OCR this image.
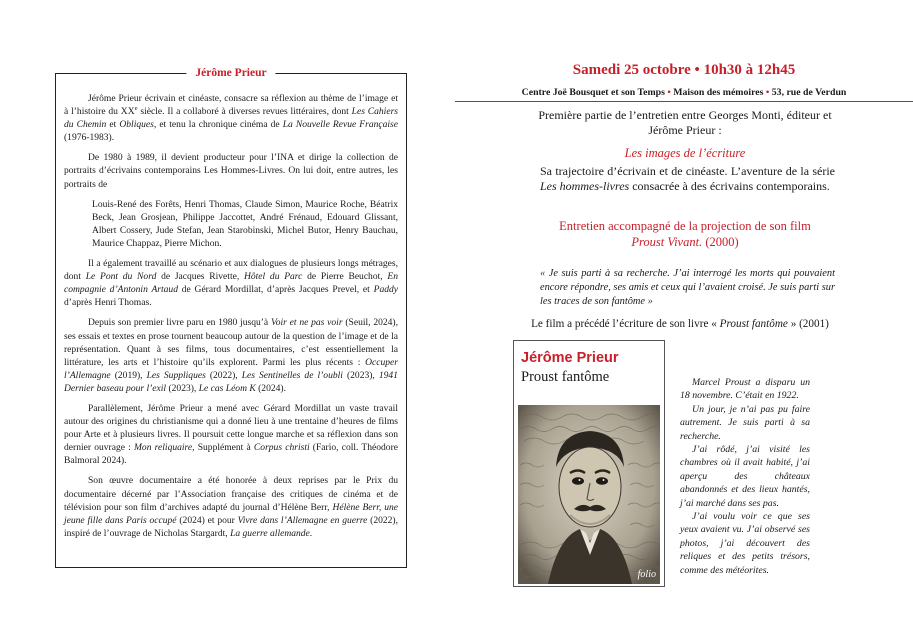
Jérôme Prieur

Jérôme Prieur écrivain et cinéaste, consacre sa réflexion au thème de l’image et à l’histoire du XXe siècle. Il a collaboré à diverses revues littéraires, dont Les Cahiers du Chemin et Obliques, et tenu la chronique cinéma de La Nouvelle Revue Française (1976-1983).

De 1980 à 1989, il devient producteur pour l’INA et dirige la collection de portraits d’écrivains contemporains Les Hommes-Livres. On lui doit, entre autres, les portraits de

Louis-René des Forêts, Henri Thomas, Claude Simon, Maurice Roche, Béatrix Beck, Jean Grosjean, Philippe Jaccottet, André Frénaud, Edouard Glissant, Albert Cossery, Jude Stefan, Jean Starobinski, Michel Butor, Henry Bauchau, Maurice Chappaz, Pierre Michon.

Il a également travaillé au scénario et aux dialogues de plusieurs longs métrages, dont Le Pont du Nord de Jacques Rivette, Hôtel du Parc de Pierre Beuchot, En compagnie d’Antonin Artaud de Gérard Mordillat, d’après Jacques Prevel, et Paddy d’après Henri Thomas.

Depuis son premier livre paru en 1980 jusqu’à Voir et ne pas voir (Seuil, 2024), ses essais et textes en prose tournent beaucoup autour de la question de l’image et de la représentation. Quant à ses films, tous documentaires, c’est essentiellement la littérature, les arts et l’histoire qu’ils explorent. Parmi les plus récents : Occuper l’Allemagne (2019), Les Suppliques (2022), Les Sentinelles de l’oubli (2023), 1941 Dernier baseau pour l’exil (2023), Le cas Léom K (2024).

Parallèlement, Jérôme Prieur a mené avec Gérard Mordillat un vaste travail autour des origines du christianisme qui a donné lieu à une trentaine d’heures de films pour Arte et à plusieurs livres. Il poursuit cette longue marche et sa réflexion dans son dernier ouvrage : Mon reliquaire, Supplément à Corpus christi (Fario, coll. Théodore Balmoral 2024).

Son œuvre documentaire a été honorée à deux reprises par le Prix du documentaire décerné par l’Association française des critiques de cinéma et de télévision pour son film d’archives adapté du journal d’Hélène Berr, Hélène Berr, une jeune fille dans Paris occupé (2024) et pour Vivre dans l’Allemagne en guerre (2022), inspiré de l’ouvrage de Nicholas Stargardt, La guerre allemande.

Samedi 25 octobre • 10h30 à 12h45
Centre Joë Bousquet et son Temps • Maison des mémoires • 53, rue de Verdun
Première partie de l’entretien entre Georges Monti, éditeur et Jérôme Prieur :
Les images de l’écriture
Sa trajectoire d’écrivain et de cinéaste. L’aventure de la série Les hommes-livres consacrée à des écrivains contemporains.
Entretien accompagné de la projection de son film
Proust Vivant. (2000)
« Je suis parti à sa recherche. J’ai interrogé les morts qui pouvaient encore répondre, ses amis et ceux qui l’avaient croisé. Je suis parti sur les traces de son fantôme »
Le film a précédé l’écriture de son livre « Proust fantôme » (2001)
Jérôme Prieur
Proust fantôme
folio

Marcel Proust a disparu un 18 novembre. C’était en 1922.

Un jour, je n’ai pas pu faire autrement. Je suis parti à sa recherche.

J’ai rôdé, j’ai visité les chambres où il avait habité, j’ai aperçu des châteaux abandonnés et des lieux hantés, j’ai marché dans ses pas.

J’ai voulu voir ce que ses yeux avaient vu. J’ai observé ses photos, j’ai découvert des reliques et des petits trésors, comme des météorites.
